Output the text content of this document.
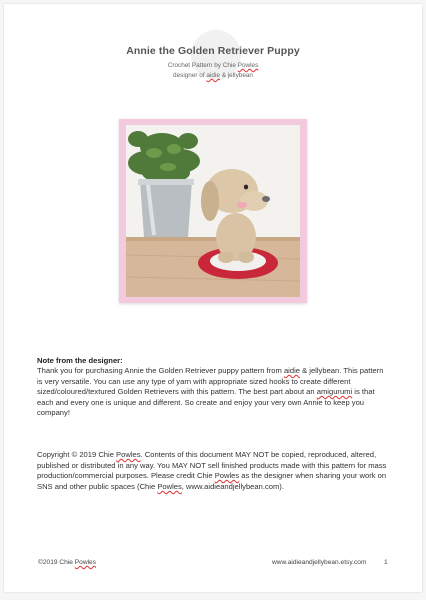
Annie the Golden Retriever Puppy
Crochet Pattern by Chie Powles
designer of aidie & jellybean
Note from the designer:
Thank you for purchasing Annie the Golden Retriever puppy pattern from aidie & jellybean. This pattern is very versatile. You can use any type of yarn with appropriate sized hooks to create different sized/coloured/textured Golden Retrievers with this pattern. The best part about an amigurumi is that each and every one is unique and different. So create and enjoy your very own Annie to keep you company!
Copyright © 2019 Chie Powles. Contents of this document MAY NOT be copied, reproduced, altered, published or distributed in any way. You MAY NOT sell finished products made with this pattern for mass production/commercial purposes. Please credit Chie Powles as the designer when sharing your work on SNS and other public spaces (Chie Powles, www.aidieandjellybean.com).
©2019 Chie Powles	www.aidieandjellybean.etsy.com	1
